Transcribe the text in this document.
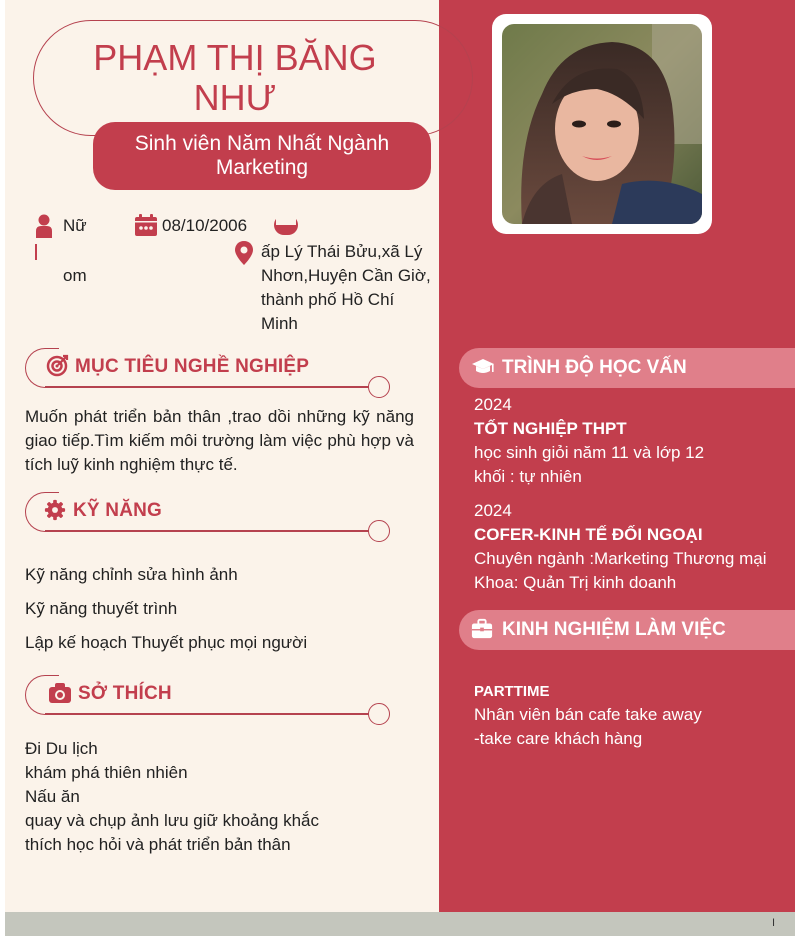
PHẠM THỊ BĂNG NHƯ
Sinh viên Năm Nhất Ngành Marketing
Nữ	08/10/2006
om
ấp Lý Thái Bửu,xã Lý Nhơn,Huyện Cần Giờ, thành phố Hồ Chí Minh
MỤC TIÊU NGHỀ NGHIỆP
Muốn phát triển bản thân ,trao dồi những kỹ năng giao tiếp.Tìm kiếm môi trường làm việc phù hợp và tích luỹ kinh nghiệm thực tế.
KỸ NĂNG
Kỹ năng chỉnh sửa hình ảnh
Kỹ năng thuyết trình
Lập kế hoạch Thuyết phục mọi người
SỞ THÍCH
Đi Du lịch
khám phá thiên nhiên
Nấu ăn
quay và chụp ảnh lưu giữ khoảng khắc
thích học hỏi và phát triển bản thân
TRÌNH ĐỘ HỌC VẤN
2024
TỐT NGHIỆP THPT
học sinh giỏi năm 11 và lớp 12
khối : tự nhiên
2024
COFER-KINH TẾ ĐỐI NGOẠI
Chuyên ngành :Marketing Thương mại
Khoa: Quản Trị kinh doanh
KINH NGHIỆM LÀM VIỆC
PARTTIME
Nhân viên bán cafe take away
-take care khách hàng
I
